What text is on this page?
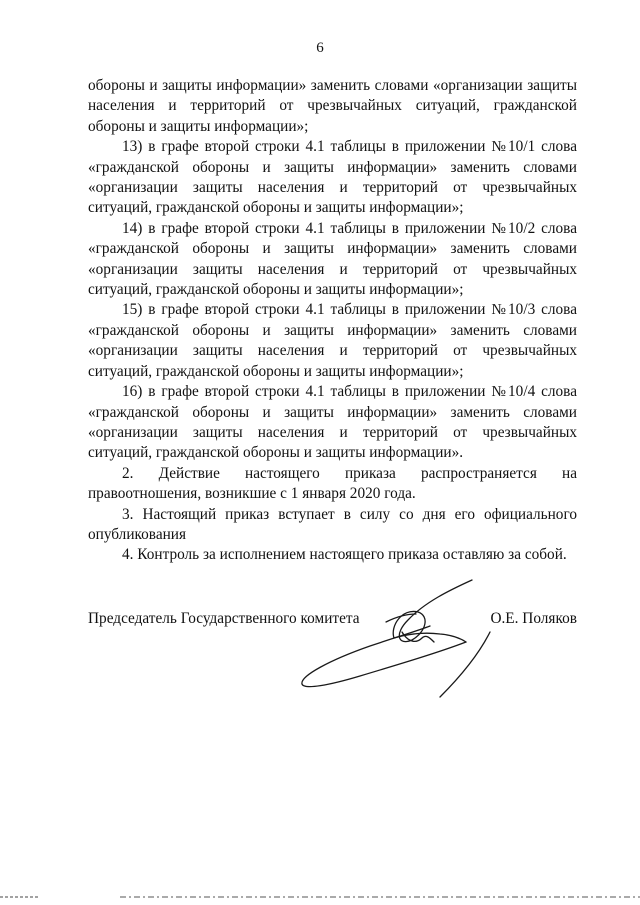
6

обороны и защиты информации» заменить словами «организации защиты населения и территорий от чрезвычайных ситуаций, гражданской обороны и защиты информации»;

13) в графе второй строки 4.1 таблицы в приложении №10/1 слова «гражданской обороны и защиты информации» заменить словами «организации защиты населения и территорий от чрезвычайных ситуаций, гражданской обороны и защиты информации»;

14) в графе второй строки 4.1 таблицы в приложении №10/2 слова «гражданской обороны и защиты информации» заменить словами «организации защиты населения и территорий от чрезвычайных ситуаций, гражданской обороны и защиты информации»;

15) в графе второй строки 4.1 таблицы в приложении №10/3 слова «гражданской обороны и защиты информации» заменить словами «организации защиты населения и территорий от чрезвычайных ситуаций, гражданской обороны и защиты информации»;

16) в графе второй строки 4.1 таблицы в приложении №10/4 слова «гражданской обороны и защиты информации» заменить словами «организации защиты населения и территорий от чрезвычайных ситуаций, гражданской обороны и защиты информации».

2. Действие настоящего приказа распространяется на правоотношения, возникшие с 1 января 2020 года.

3. Настоящий приказ вступает в силу со дня его официального опубликования

4. Контроль за исполнением настоящего приказа оставляю за собой.

Председатель Государственного комитета	О.Е. Поляков
